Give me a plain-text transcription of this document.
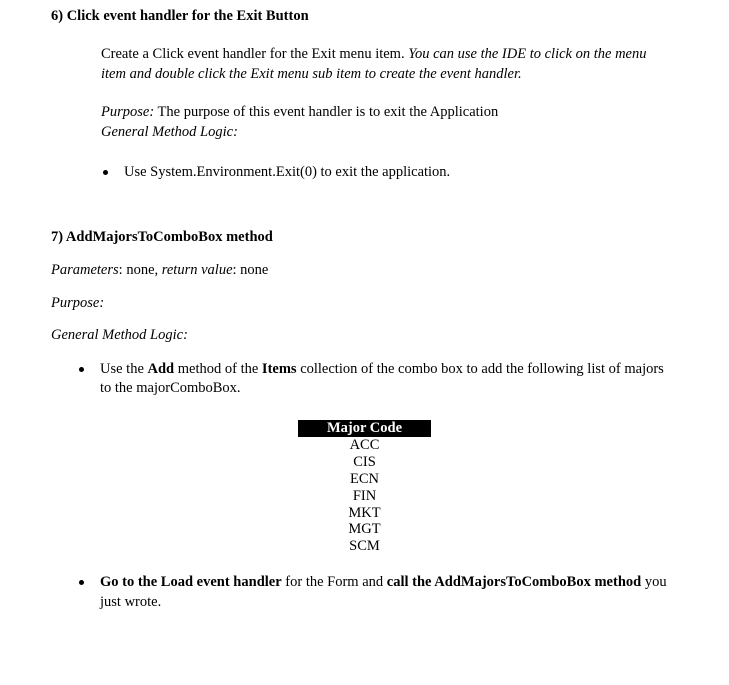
6) Click event handler for the Exit Button
Create a Click event handler for the Exit menu item. You can use the IDE to click on the menu
item and double click the Exit menu sub item to create the event handler.
Purpose: The purpose of this event handler is to exit the Application
General Method Logic:
Use System.Environment.Exit(0) to exit the application.
7) AddMajorsToComboBox method
Parameters: none, return value: none
Purpose:
General Method Logic:
Use the Add method of the Items collection of the combo box to add the following list of majors
to the majorComboBox.
Major Code
ACC
CIS
ECN
FIN
MKT
MGT
SCM
Go to the Load event handler for the Form and call the AddMajorsToComboBox method you
just wrote.
